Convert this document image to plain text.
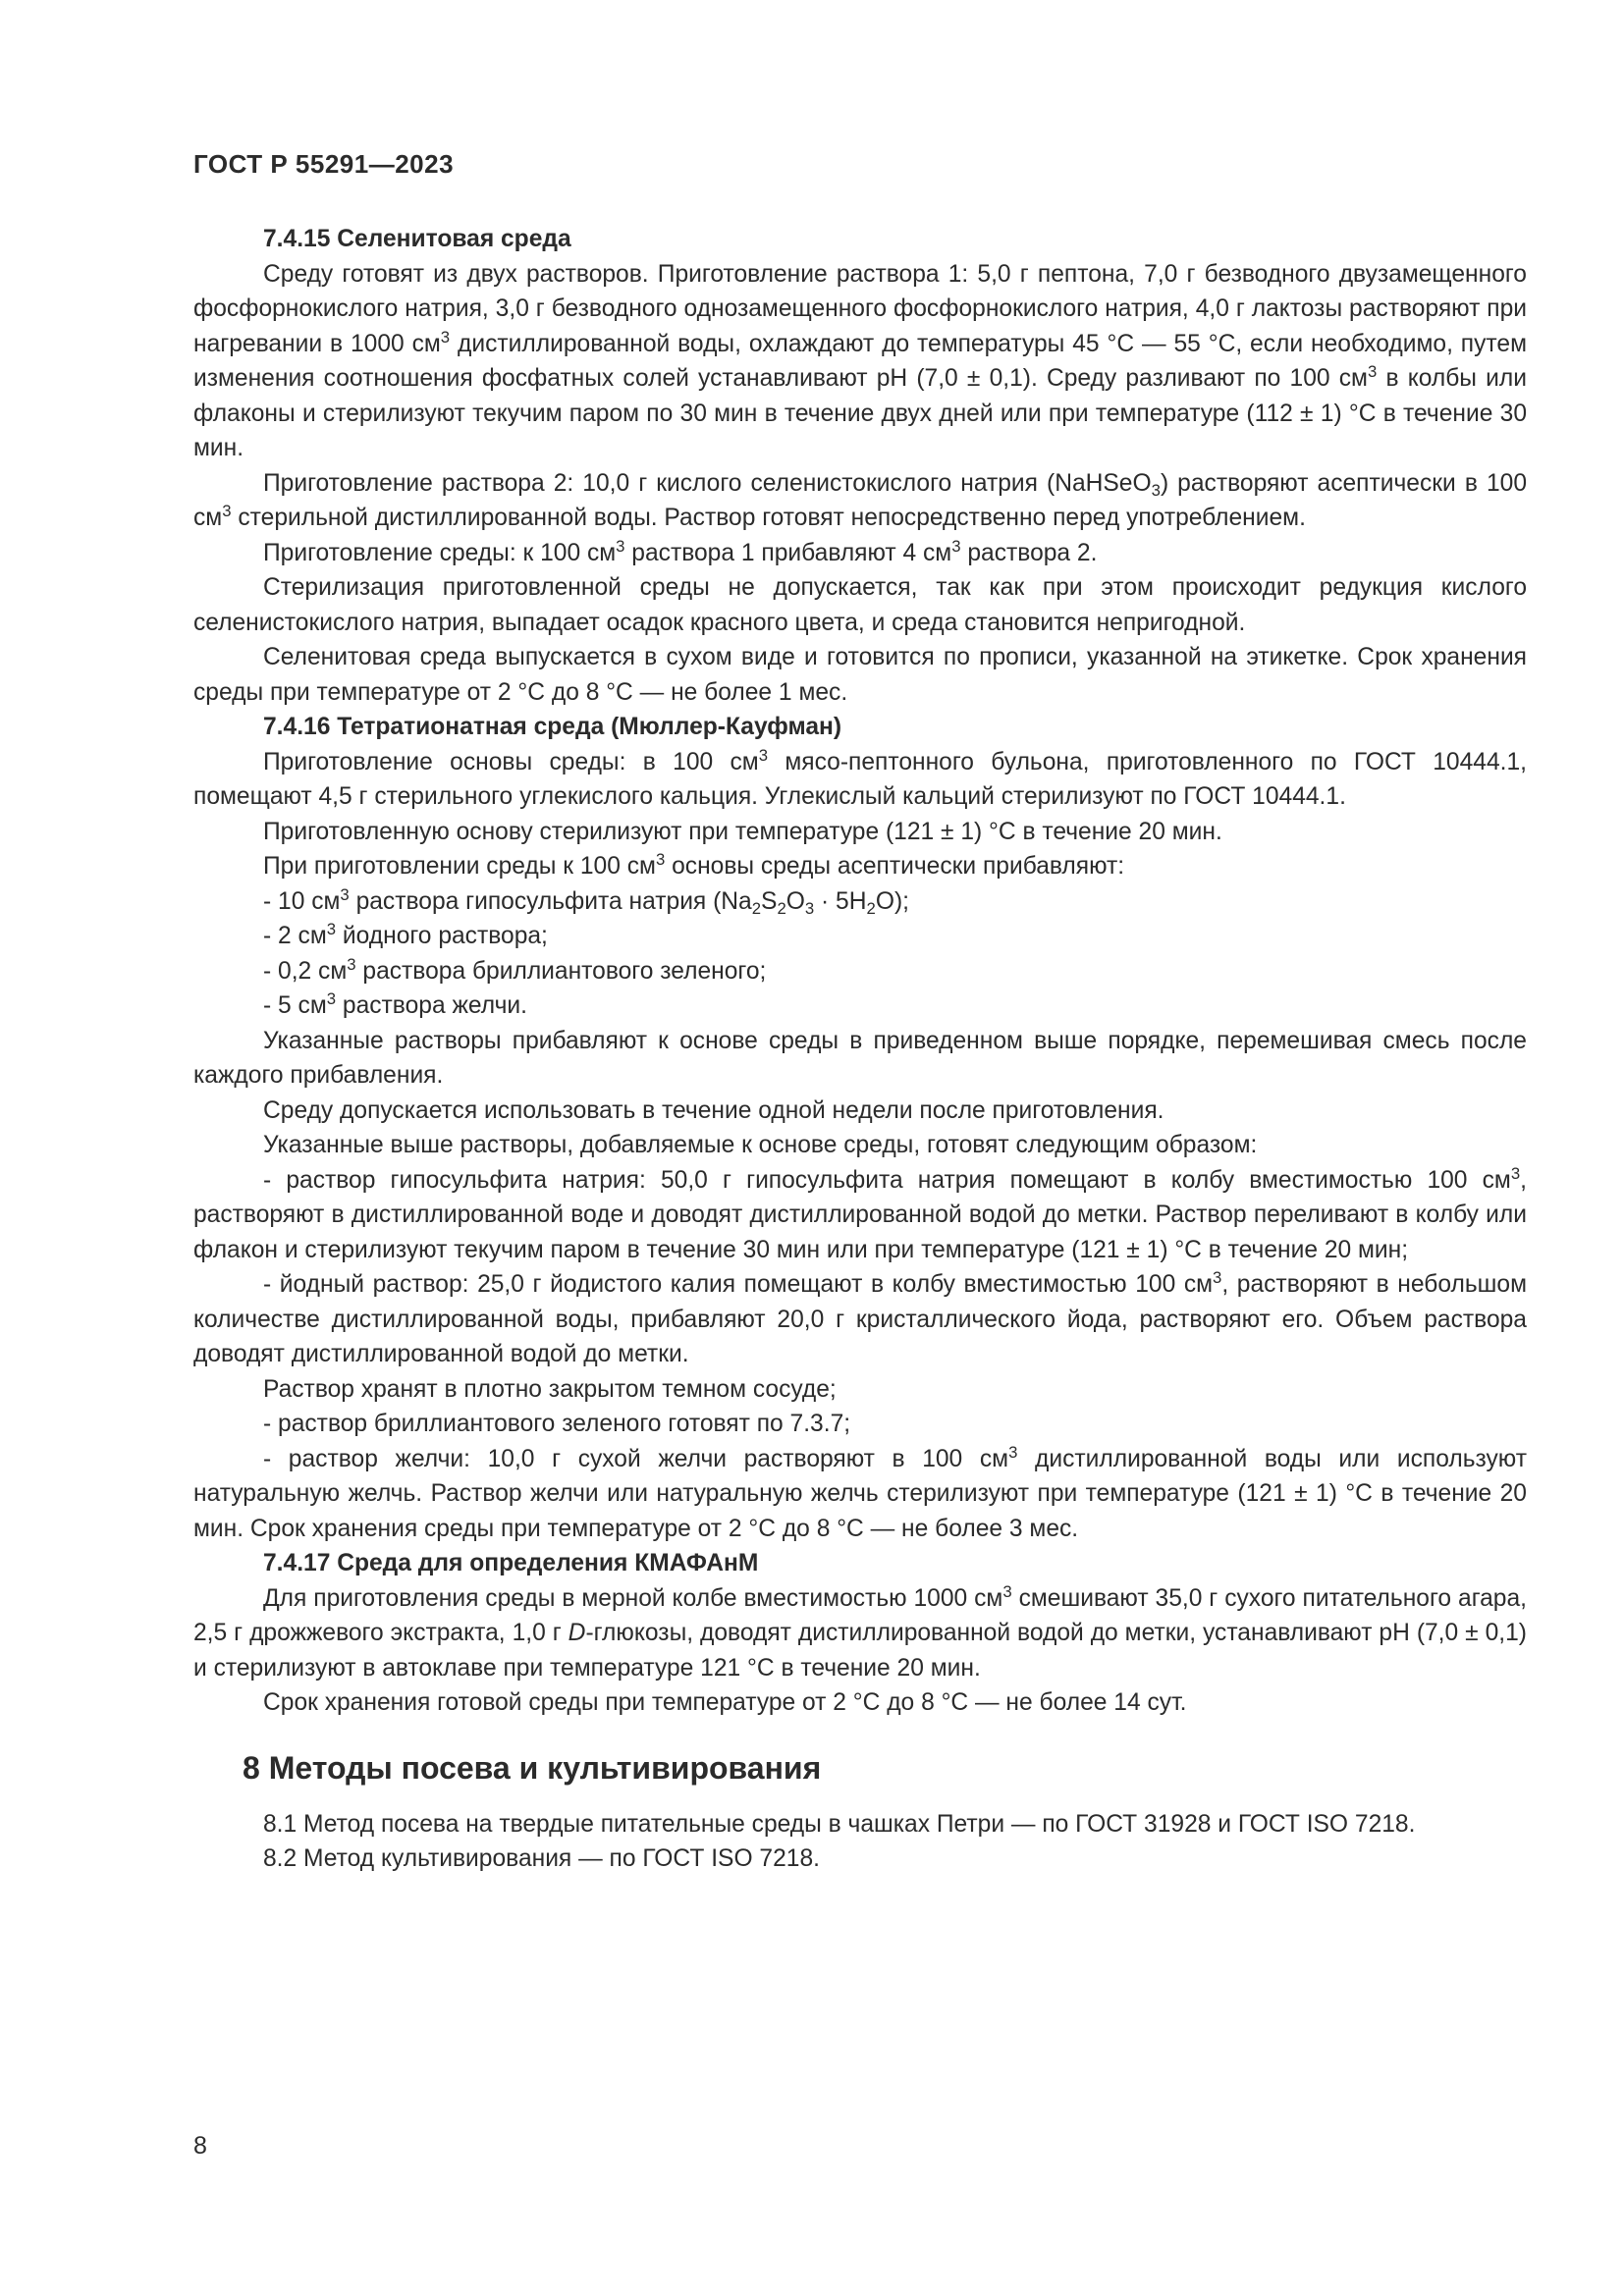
ГОСТ Р 55291—2023

7.4.15 Селенитовая среда

Среду готовят из двух растворов. Приготовление раствора 1: 5,0 г пептона, 7,0 г безводного двузамещенного фосфорнокислого натрия, 3,0 г безводного однозамещенного фосфорнокислого натрия, 4,0 г лактозы растворяют при нагревании в 1000 $см^3$ дистиллированной воды, охлаждают до температуры 45 °С — 55 °С, если необходимо, путем изменения соотношения фосфатных солей устанавливают рН (7,0 ± 0,1). Среду разливают по 100 $см^3$ в колбы или флаконы и стерилизуют текучим паром по 30 мин в течение двух дней или при температуре (112 ± 1) °С в течение 30 мин.

Приготовление раствора 2: 10,0 г кислого селенистокислого натрия (NaHSeO$_3$) растворяют асептически в 100 $см^3$ стерильной дистиллированной воды. Раствор готовят непосредственно перед употреблением.

Приготовление среды: к 100 $см^3$ раствора 1 прибавляют 4 $см^3$ раствора 2.

Стерилизация приготовленной среды не допускается, так как при этом происходит редукция кислого селенистокислого натрия, выпадает осадок красного цвета, и среда становится непригодной.

Селенитовая среда выпускается в сухом виде и готовится по прописи, указанной на этикетке. Срок хранения среды при температуре от 2 °С до 8 °С — не более 1 мес.

7.4.16 Тетратионатная среда (Мюллер-Кауфман)

Приготовление основы среды: в 100 $см^3$ мясо-пептонного бульона, приготовленного по ГОСТ 10444.1, помещают 4,5 г стерильного углекислого кальция. Углекислый кальций стерилизуют по ГОСТ 10444.1.

Приготовленную основу стерилизуют при температуре (121 ± 1) °С в течение 20 мин.

При приготовлении среды к 100 $см^3$ основы среды асептически прибавляют:

- 10 $см^3$ раствора гипосульфита натрия $(Na_2S_2O_3 \cdot 5H_2O)$;

- 2 $см^3$ йодного раствора;

- 0,2 $см^3$ раствора бриллиантового зеленого;

- 5 $см^3$ раствора желчи.

Указанные растворы прибавляют к основе среды в приведенном выше порядке, перемешивая смесь после каждого прибавления.

Среду допускается использовать в течение одной недели после приготовления.

Указанные выше растворы, добавляемые к основе среды, готовят следующим образом:

- раствор гипосульфита натрия: 50,0 г гипосульфита натрия помещают в колбу вместимостью 100 $см^3$, растворяют в дистиллированной воде и доводят дистиллированной водой до метки. Раствор переливают в колбу или флакон и стерилизуют текучим паром в течение 30 мин или при температуре (121 ± 1) °С в течение 20 мин;

- йодный раствор: 25,0 г йодистого калия помещают в колбу вместимостью 100 $см^3$, растворяют в небольшом количестве дистиллированной воды, прибавляют 20,0 г кристаллического йода, растворяют его. Объем раствора доводят дистиллированной водой до метки.

Раствор хранят в плотно закрытом темном сосуде;

- раствор бриллиантового зеленого готовят по 7.3.7;

- раствор желчи: 10,0 г сухой желчи растворяют в 100 $см^3$ дистиллированной воды или используют натуральную желчь. Раствор желчи или натуральную желчь стерилизуют при температуре (121 ± 1) °С в течение 20 мин. Срок хранения среды при температуре от 2 °С до 8 °С — не более 3 мес.

7.4.17 Среда для определения КМАФАнМ

Для приготовления среды в мерной колбе вместимостью 1000 $см^3$ смешивают 35,0 г сухого питательного агара, 2,5 г дрожжевого экстракта, 1,0 г D-глюкозы, доводят дистиллированной водой до метки, устанавливают рН (7,0 ± 0,1) и стерилизуют в автоклаве при температуре 121 °С в течение 20 мин.

Срок хранения готовой среды при температуре от 2 °С до 8 °С — не более 14 сут.

8 Методы посева и культивирования

8.1 Метод посева на твердые питательные среды в чашках Петри — по ГОСТ 31928 и ГОСТ ISO 7218.

8.2 Метод культивирования — по ГОСТ ISO 7218.

8
